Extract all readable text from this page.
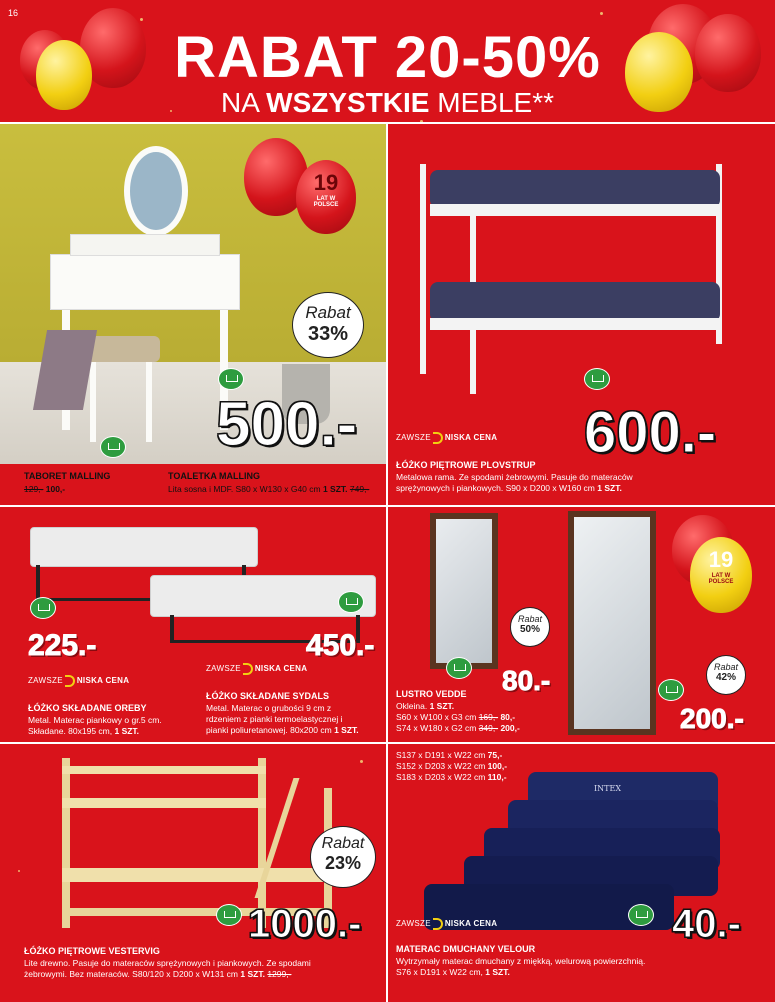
16
RABAT 20-50%
NA WSZYSTKIE MEBLE**
19
LAT W
POLSCE
Rabat
33%
500.-
TABORET MALLING
129,- 100,-
TOALETKA MALLING
Lita sosna i MDF. S80 x W130 x G40 cm 1 SZT. 749,-
ZAWSZE NISKA CENA 600.-
ŁÓŻKO PIĘTROWE PLOVSTRUP
Metalowa rama. Ze spodami żebrowymi. Pasuje do materaców
sprężynowych i piankowych. S90 x D200 x W160 cm 1 SZT.
225.-	450.-
ZAWSZE NISKA CENA
ZAWSZE NISKA CENA
ŁÓŻKO SKŁADANE OREBY
Metal. Materac piankowy o gr.5 cm.
Składane. 80x195 cm, 1 SZT.
ŁÓŻKO SKŁADANE SYDALS
Metal. Materac o grubości 9 cm z
rdzeniem z pianki termoelastycznej i
pianki poliuretanowej. 80x200 cm 1 SZT.
19
LAT W
POLSCE
Rabat
50%
Rabat
42%
80.-
200.-
LUSTRO VEDDE
Okleina. 1 SZT.
S60 x W100 x G3 cm 169,- 80,-
S74 x W180 x G2 cm 349,- 200,-
Rabat
23%
1000.-
ŁÓŻKO PIĘTROWE VESTERVIG
Lite drewno. Pasuje do materaców sprężynowych i piankowych. Ze spodami
żebrowymi. Bez materaców. S80/120 x D200 x W131 cm 1 SZT. 1299,-
S137 x D191 x W22 cm 75,-
S152 x D203 x W22 cm 100,-
S183 x D203 x W22 cm 110,-
INTEX
ZAWSZE NISKA CENA	40.-
MATERAC DMUCHANY VELOUR
Wytrzymały materac dmuchany z miękką, welurową powierzchnią.
S76 x D191 x W22 cm, 1 SZT.
